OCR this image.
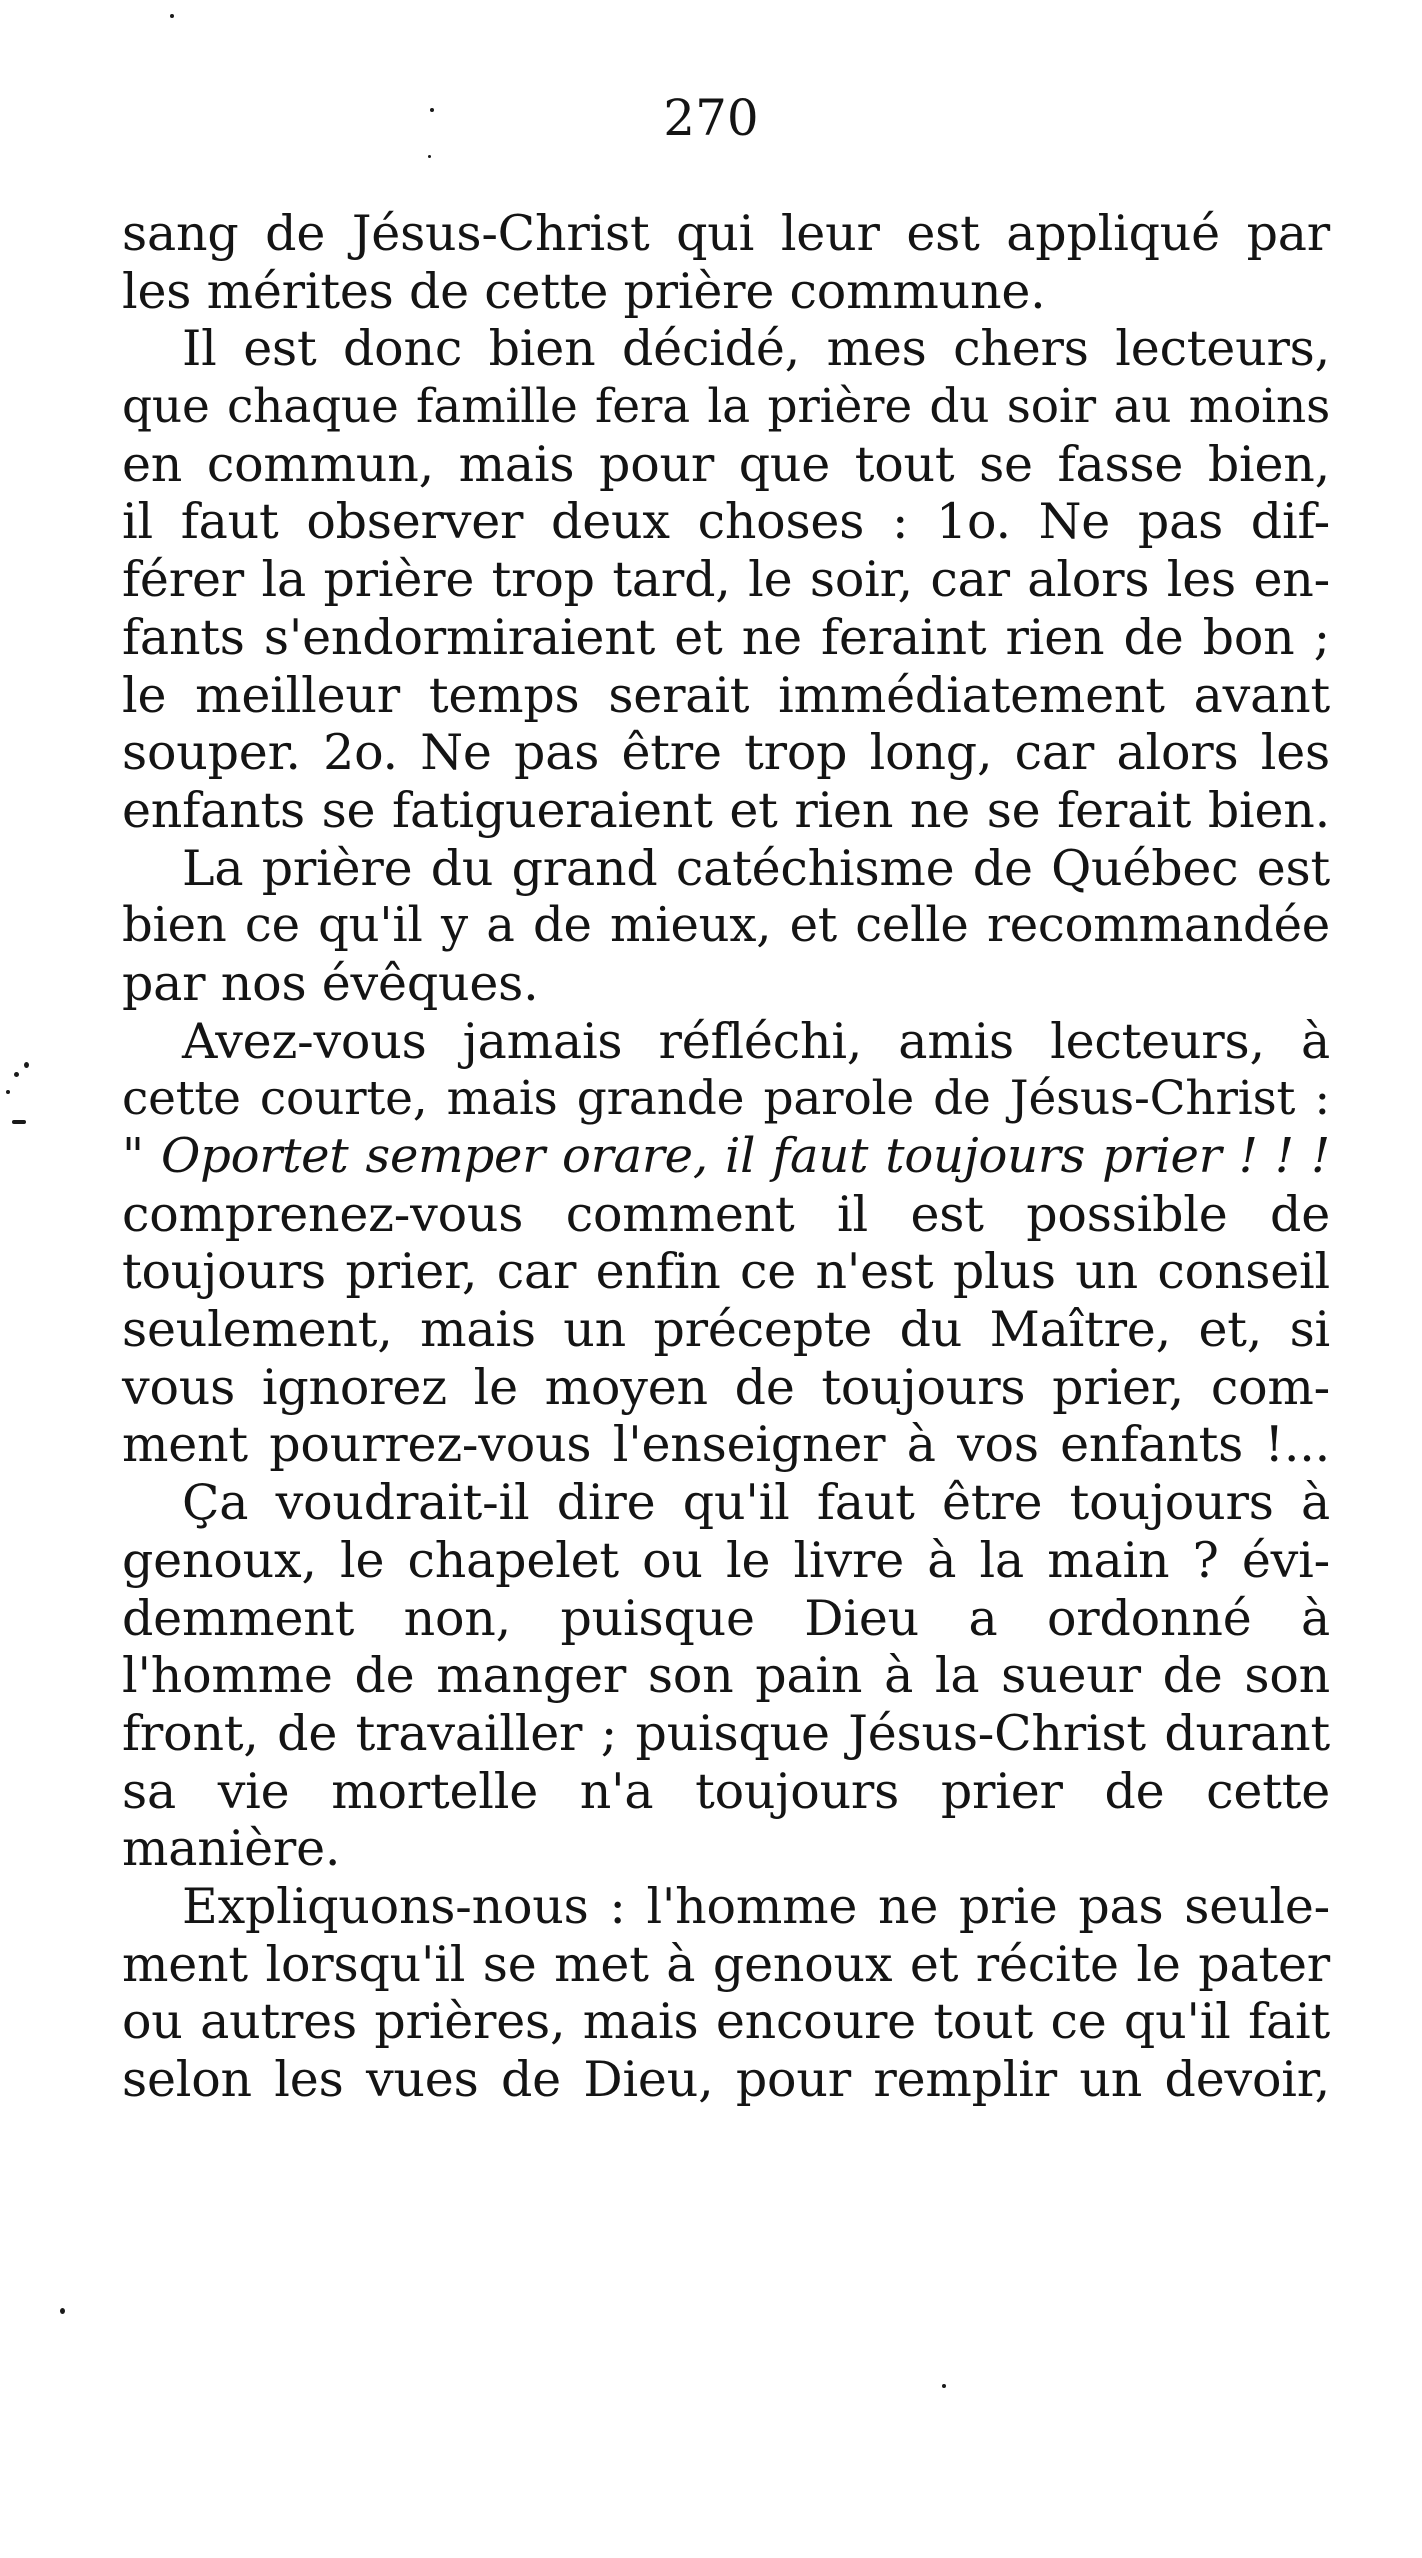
270
sang de Jésus-Christ qui leur est appliqué par
les mérites de cette prière commune.
Il est donc bien décidé, mes chers lecteurs,
que chaque famille fera la prière du soir au moins
en commun, mais pour que tout se fasse bien,
il faut observer deux choses : 1o. Ne pas dif-
férer la prière trop tard, le soir, car alors les en-
fants s'endormiraient et ne feraint rien de bon ;
le meilleur temps serait immédiatement avant
souper. 2o. Ne pas être trop long, car alors les
enfants se fatigueraient et rien ne se ferait bien.
La prière du grand catéchisme de Québec est
bien ce qu'il y a de mieux, et celle recommandée
par nos évêques.
Avez-vous jamais réfléchi, amis lecteurs, à
cette courte, mais grande parole de Jésus-Christ :
" Oportet semper orare, il faut toujours prier ! ! !
comprenez-vous comment il est possible de
toujours prier, car enfin ce n'est plus un conseil
seulement, mais un précepte du Maître, et, si
vous ignorez le moyen de toujours prier, com-
ment pourrez-vous l'enseigner à vos enfants !...
Ça voudrait-il dire qu'il faut être toujours à
genoux, le chapelet ou le livre à la main ? évi-
demment non, puisque Dieu a ordonné à
l'homme de manger son pain à la sueur de son
front, de travailler ; puisque Jésus-Christ durant
sa vie mortelle n'a toujours prier de cette
manière.
Expliquons-nous : l'homme ne prie pas seule-
ment lorsqu'il se met à genoux et récite le pater
ou autres prières, mais encoure tout ce qu'il fait
selon les vues de Dieu, pour remplir un devoir,
